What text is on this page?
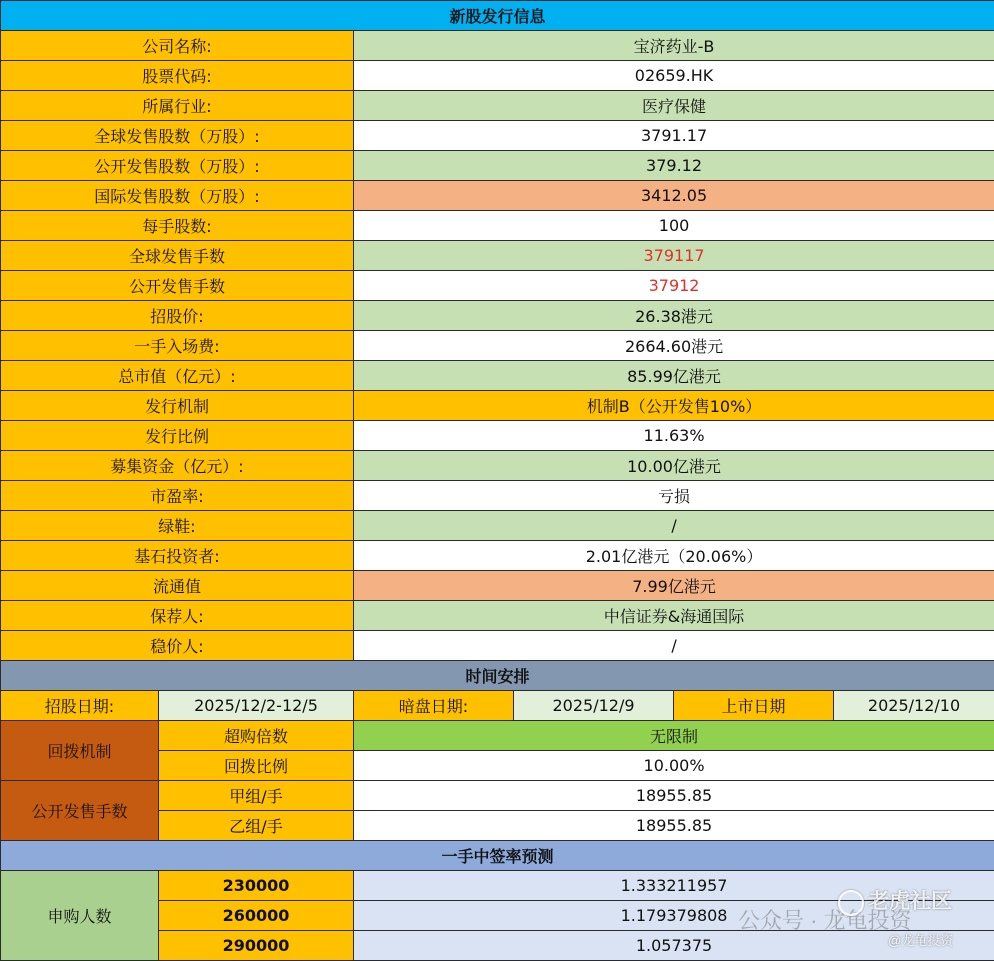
新股发行信息					
公司名称:		宝济药业-B			
股票代码:		02659.HK			
所属行业:		医疗保健			
全球发售股数（万股）:		3791.17			
公开发售股数（万股）:		379.12			
国际发售股数（万股）:		3412.05			
每手股数:		100			
全球发售手数		379117			
公开发售手数		37912			
招股价:		26.38港元			
一手入场费:		2664.60港元			
总市值（亿元）:		85.99亿港元			
发行机制		机制B（公开发售10%）			
发行比例		11.63%			
募集资金（亿元）:		10.00亿港元			
市盈率:		亏损			
绿鞋:		/			
基石投资者:		2.01亿港元（20.06%）			
流通值		7.99亿港元			
保荐人:		中信证券&海通国际			
稳价人:		/			
时间安排					
招股日期:	2025/12/2-12/5	暗盘日期:	2025/12/9	上市日期	2025/12/10
回拨机制	超购倍数	无限制			
	回拨比例	10.00%			
公开发售手数	甲组/手	18955.85			
	乙组/手	18955.85			
一手中签率预测					
申购人数	230000	1.333211957			
	260000	1.179379808			
	290000	1.057375			
公众号 · 龙龟投资
老虎社区
@龙龟投资
